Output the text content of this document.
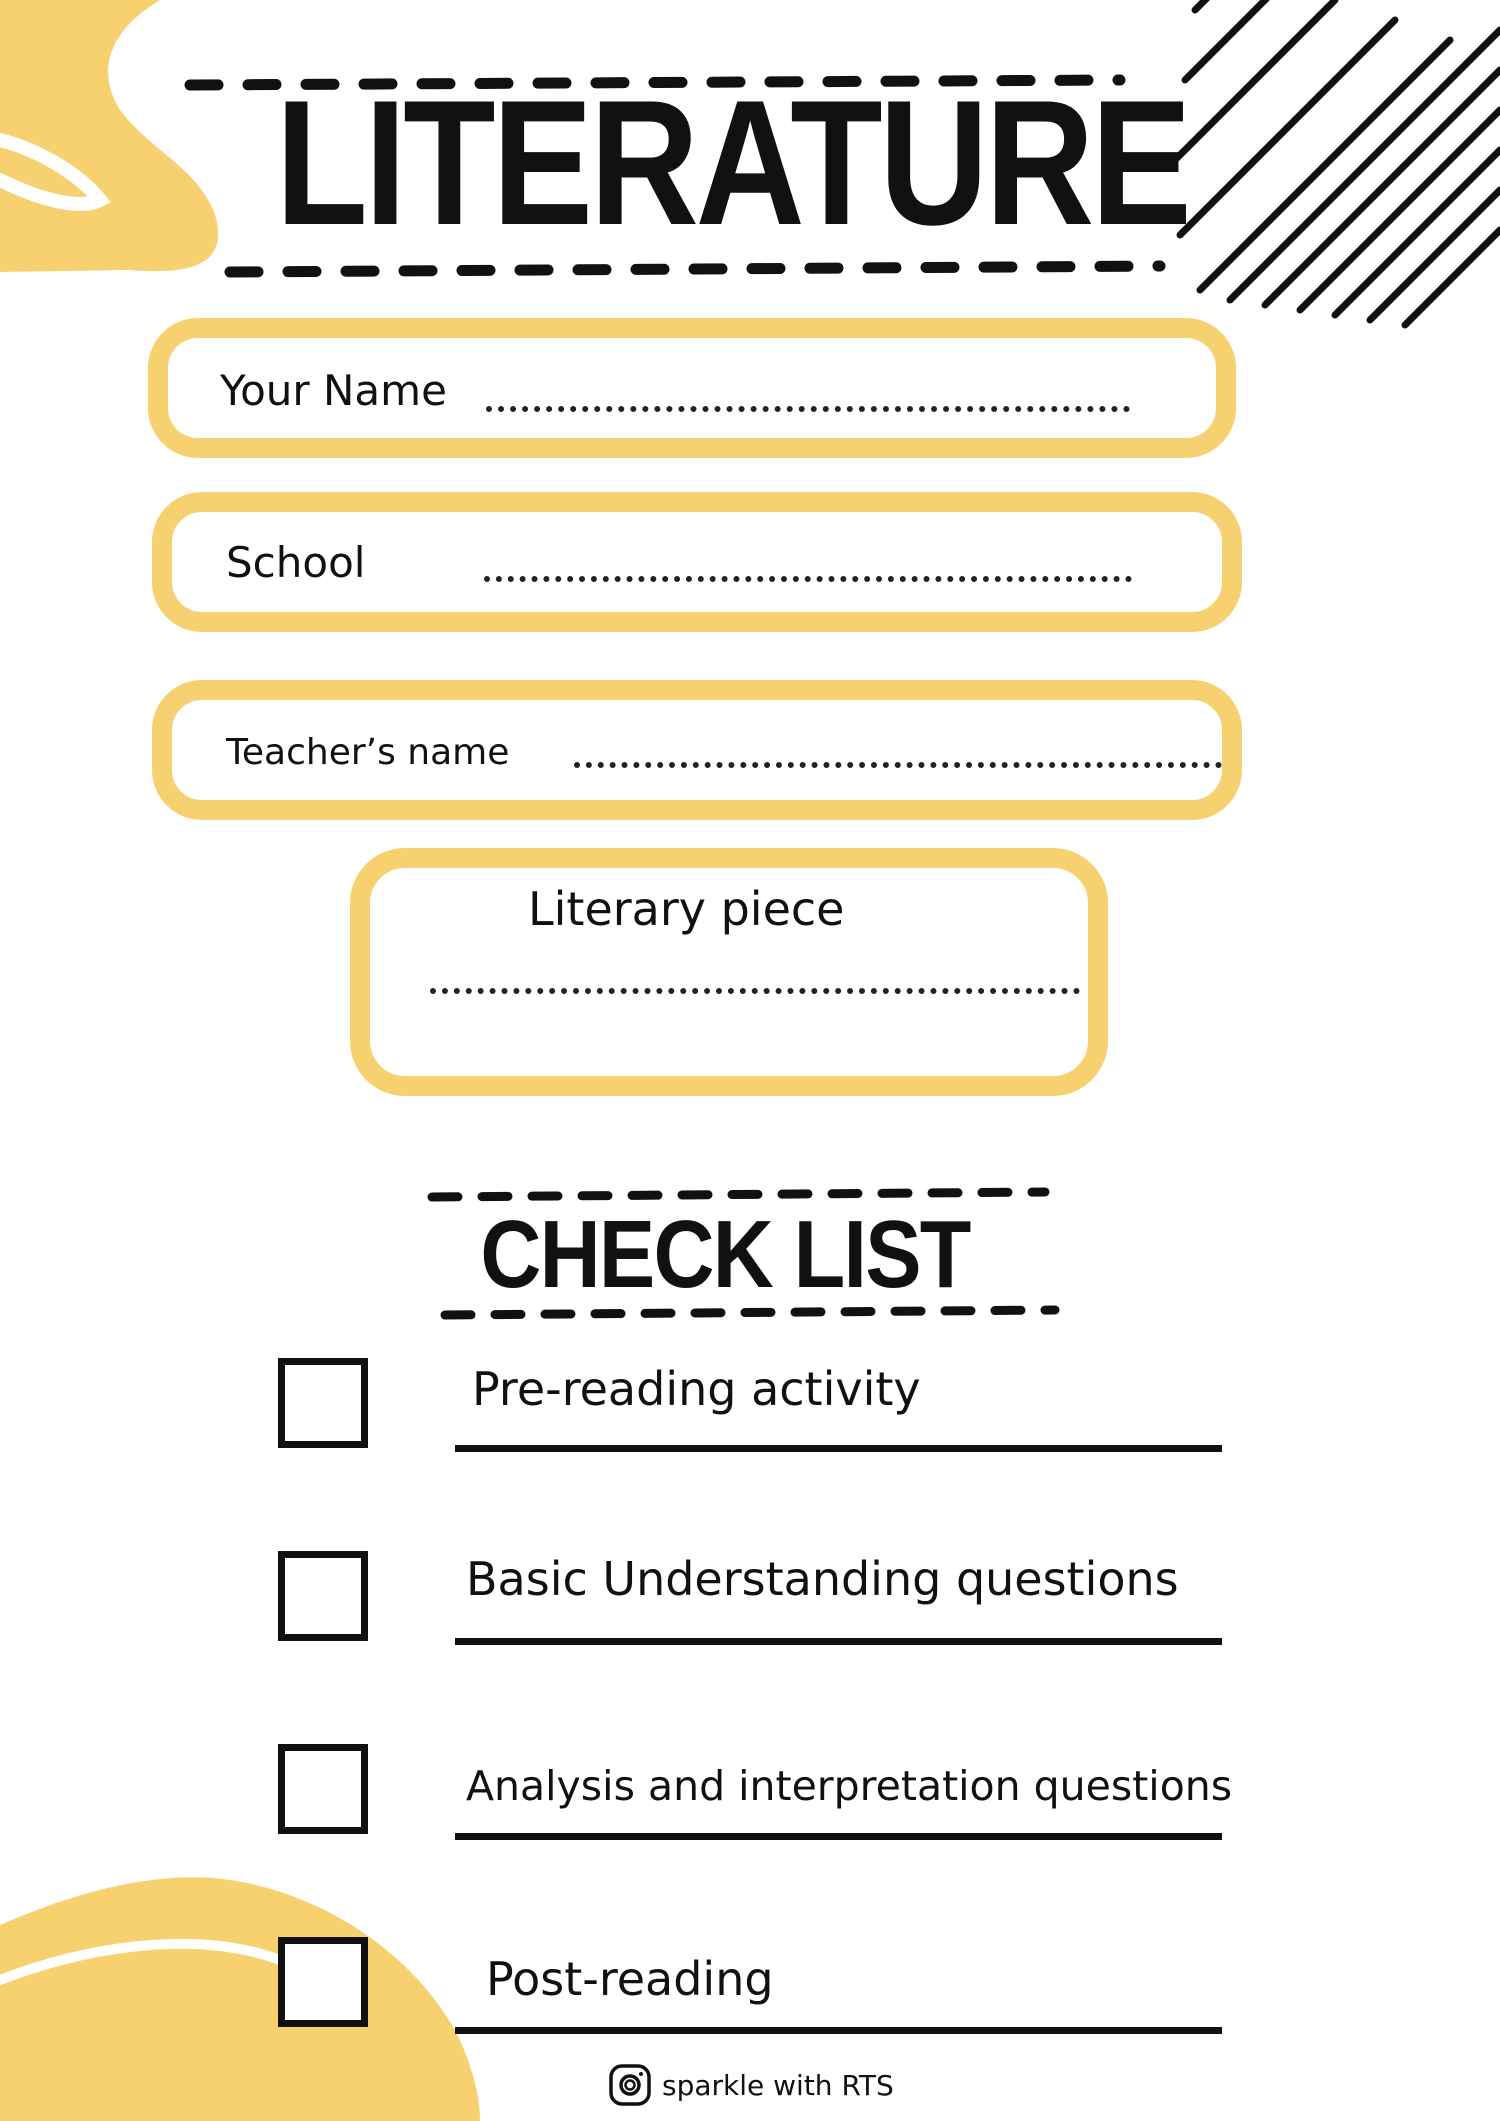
LITERATURE
Your Name
School
Teacher’s name
Literary piece
CHECK LIST
Pre-reading activity
Basic Understanding questions
Analysis and interpretation questions
Post-reading
sparkle with RTS
